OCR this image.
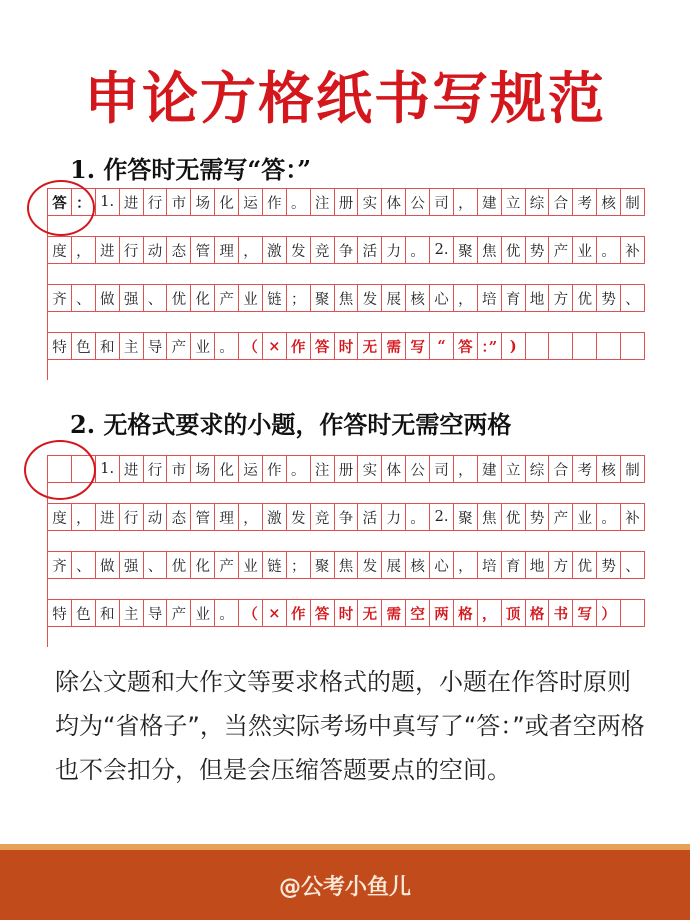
申论方格纸书写规范
1. 作答时无需写“答：”
答 ： 1. 进 行 市 场 化 运 作 。 注 册 实 体 公 司 ， 建 立 综 合 考 核 制
度 ， 进 行 动 态 管 理 ， 激 发 竞 争 活 力 。 2. 聚 焦 优 势 产 业 。 补
齐 、 做 强 、 优 化 产 业 链 ； 聚 焦 发 展 核 心 ， 培 育 地 方 优 势 、
特 色 和 主 导 产 业 。 （ × 作 答 时 无 需 写 “ 答 ：” )
2. 无格式要求的小题，作答时无需空两格
1. 进 行 市 场 化 运 作 。 注 册 实 体 公 司 ， 建 立 综 合 考 核 制
度 ， 进 行 动 态 管 理 ， 激 发 竞 争 活 力 。 2. 聚 焦 优 势 产 业 。 补
齐 、 做 强 、 优 化 产 业 链 ； 聚 焦 发 展 核 心 ， 培 育 地 方 优 势 、
特 色 和 主 导 产 业 。 （ × 作 答 时 无 需 空 两 格 ， 顶 格 书 写 ）
除公文题和大作文等要求格式的题，小题在作答时原则均为“省格子”，当然实际考场中真写了“答：”或者空两格也不会扣分，但是会压缩答题要点的空间。
@公考小鱼儿
